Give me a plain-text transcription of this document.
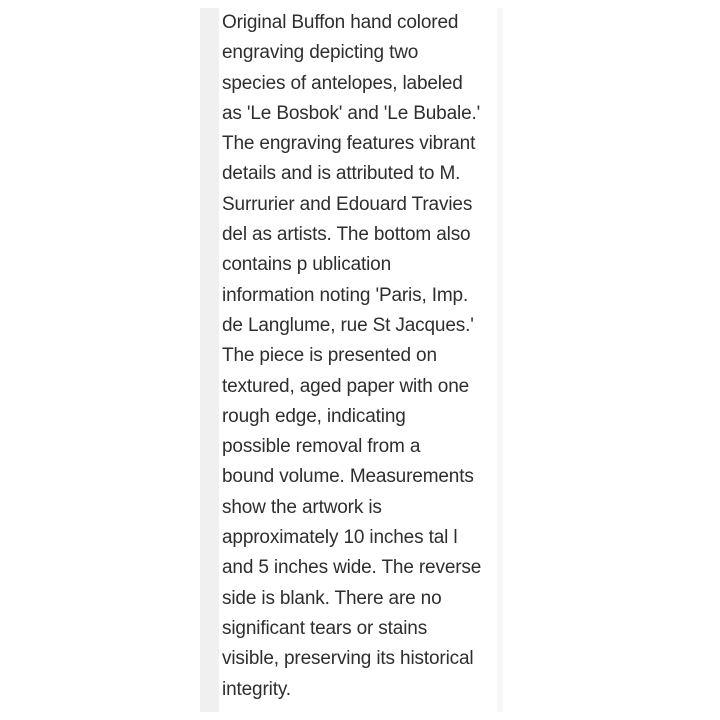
Original Buffon hand colored
engraving depicting two
species of antelopes, labeled
as 'Le Bosbok' and 'Le Bubale.'
The engraving features vibrant
details and is attributed to M.
Surrurier and Edouard Travies
del as artists. The bottom also
contains p ublication
information noting 'Paris, Imp.
de Langlume, rue St Jacques.'
The piece is presented on
textured, aged paper with one
rough edge, indicating
possible removal from a
bound volume. Measurements
show the artwork is
approximately 10 inches tal l
and 5 inches wide. The reverse
side is blank. There are no
significant tears or stains
visible, preserving its historical
integrity.
